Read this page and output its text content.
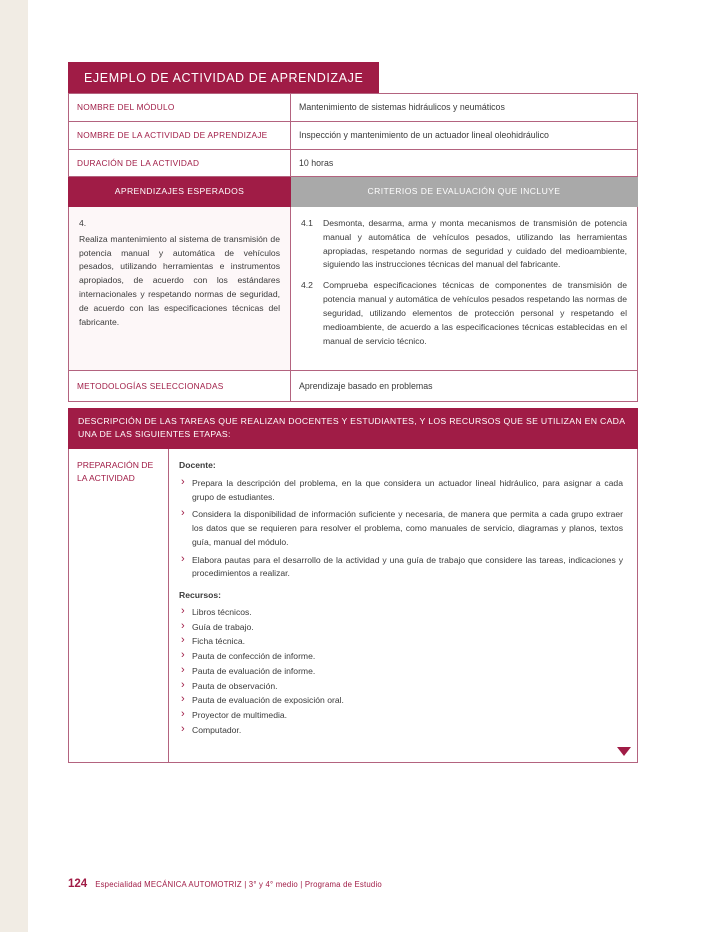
EJEMPLO DE ACTIVIDAD DE APRENDIZAJE
NOMBRE DEL MÓDULO	Mantenimiento de sistemas hidráulicos y neumáticos
NOMBRE DE LA ACTIVIDAD DE APRENDIZAJE	Inspección y mantenimiento de un actuador lineal oleohidráulico
DURACIÓN DE LA ACTIVIDAD	10 horas
APRENDIZAJES ESPERADOS	CRITERIOS DE EVALUACIÓN QUE INCLUYE

4.
Realiza mantenimiento al sistema de transmisión de potencia manual y automática de vehículos pesados, utilizando herramientas e instrumentos apropiados, de acuerdo con los estándares internacionales y respetando normas de seguridad, de acuerdo con las especificaciones técnicas del fabricante.	
4.1	Desmonta, desarma, arma y monta mecanismos de transmisión de potencia manual y automática de vehículos pesados, utilizando las herramientas apropiadas, respetando normas de seguridad y cuidado del medioambiente, siguiendo las instrucciones técnicas del manual del fabricante.
4.2	Comprueba especificaciones técnicas de componentes de transmisión de potencia manual y automática de vehículos pesados respetando las normas de seguridad, utilizando elementos de protección personal y respetando el medioambiente, de acuerdo a las especificaciones técnicas establecidas en el manual de servicio técnico.

METODOLOGÍAS SELECCIONADAS	Aprendizaje basado en problemas
DESCRIPCIÓN DE LAS TAREAS QUE REALIZAN DOCENTES Y ESTUDIANTES, Y LOS RECURSOS QUE SE UTILIZAN EN CADA UNA DE LAS SIGUIENTES ETAPAS:
PREPARACIÓN DE LA ACTIVIDAD	
Docente:
› Prepara la descripción del problema, en la que considera un actuador lineal hidráulico, para asignar a cada grupo de estudiantes.
› Considera la disponibilidad de información suficiente y necesaria, de manera que permita a cada grupo extraer los datos que se requieren para resolver el problema, como manuales de servicio, diagramas y planos, textos guía, manual del módulo.
› Elabora pautas para el desarrollo de la actividad y una guía de trabajo que considere las tareas, indicaciones y procedimientos a realizar.
Recursos:
› Libros técnicos.
› Guía de trabajo.
› Ficha técnica.
› Pauta de confección de informe.
› Pauta de evaluación de informe.
› Pauta de observación.
› Pauta de evaluación de exposición oral.
› Proyector de multimedia.
› Computador.
124 Especialidad MECÁNICA AUTOMOTRIZ | 3° y 4° medio | Programa de Estudio
